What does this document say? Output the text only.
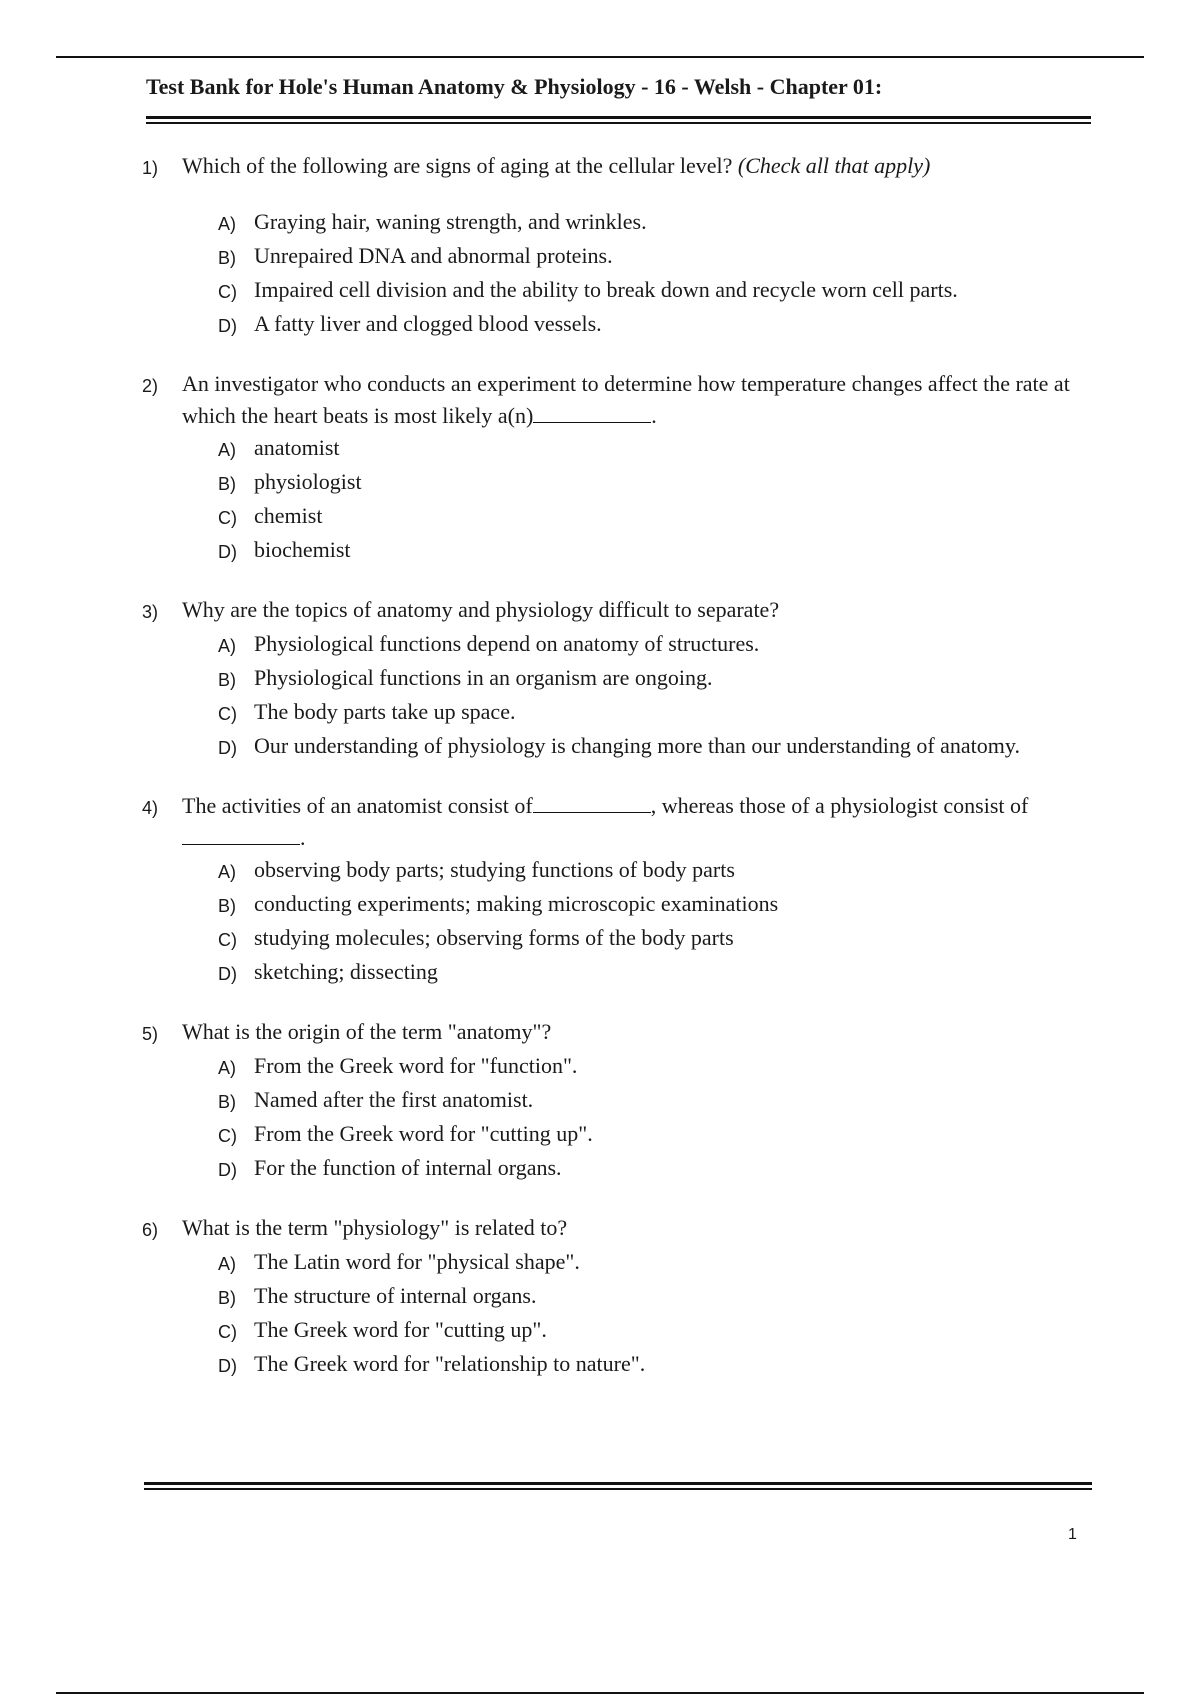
Test Bank for Hole's Human Anatomy & Physiology - 16 - Welsh - Chapter 01:
1)	Which of the following are signs of aging at the cellular level? (Check all that apply)
A) Graying hair, waning strength, and wrinkles.
B) Unrepaired DNA and abnormal proteins.
C) Impaired cell division and the ability to break down and recycle worn cell parts.
D) A fatty liver and clogged blood vessels.
2)	An investigator who conducts an experiment to determine how temperature changes affect the rate at which the heart beats is most likely a(n)	.
A) anatomist
B) physiologist
C) chemist
D) biochemist
3)	Why are the topics of anatomy and physiology difficult to separate?
A) Physiological functions depend on anatomy of structures.
B) Physiological functions in an organism are ongoing.
C) The body parts take up space.
D) Our understanding of physiology is changing more than our understanding of anatomy.
4)	The activities of an anatomist consist of	, whereas those of a physiologist consist of.
A) observing body parts; studying functions of body parts
B) conducting experiments; making microscopic examinations
C) studying molecules; observing forms of the body parts
D) sketching; dissecting
5)	What is the origin of the term "anatomy"?
A) From the Greek word for "function".
B) Named after the first anatomist.
C) From the Greek word for "cutting up".
D) For the function of internal organs.
6)	What is the term "physiology" is related to?
A) The Latin word for "physical shape".
B) The structure of internal organs.
C) The Greek word for "cutting up".
D) The Greek word for "relationship to nature".
1
